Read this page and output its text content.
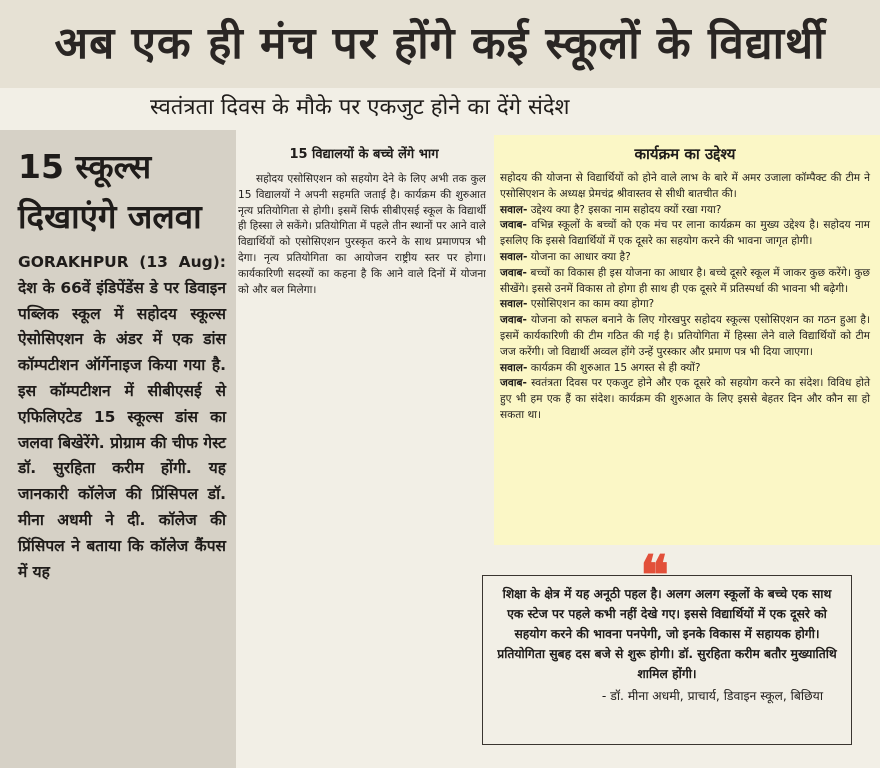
अब एक ही मंच पर होंगे कई स्कूलों के विद्यार्थी
स्वतंत्रता दिवस के मौके पर एकजुट होने का देंगे संदेश
15 स्कूल्स दिखाएंगे जलवा
GORAKHPUR (13 Aug): देश के 66वें इंडिपेंडेंस डे पर डिवाइन पब्लिक स्कूल में सहोदय स्कूल्स ऐसोसिएशन के अंडर में एक डांस कॉम्पटीशन ऑर्गेनाइज किया गया है. इस कॉम्पटीशन में सीबीएसई से एफिलिएटेड 15 स्कूल्स डांस का जलवा बिखेरेंगे. प्रोग्राम की चीफ गेस्ट डॉ. सुरहिता करीम होंगी. यह जानकारी कॉलेज की प्रिंसिपल डॉ. मीना अधमी ने दी. कॉलेज की प्रिंसिपल ने बताया कि कॉलेज कैंपस में यह
15 विद्यालयों के बच्चे लेंगे भाग
सहोदय एसोसिएशन को सहयोग देने के लिए अभी तक कुल 15 विद्यालयों ने अपनी सहमति जताई है। कार्यक्रम की शुरुआत नृत्य प्रतियोगिता से होगी। इसमें सिर्फ सीबीएसई स्कूल के विद्यार्थी ही हिस्सा ले सकेंगे। प्रतियोगिता में पहले तीन स्थानों पर आने वाले विद्यार्थियों को एसोसिएशन पुरस्कृत करने के साथ प्रमाणपत्र भी देगा। नृत्य प्रतियोगिता का आयोजन राष्ट्रीय स्तर पर होगा। कार्यकारिणी सदस्यों का कहना है कि आने वाले दिनों में योजना को और बल मिलेगा।
कार्यक्रम का उद्देश्य

सहोदय की योजना से विद्यार्थियों को होने वाले लाभ के बारे में अमर उजाला कॉम्पैक्ट की टीम ने एसोसिएशन के अध्यक्ष प्रेमचंद्र श्रीवास्तव से सीधी बातचीत की।

सवाल- उद्देश्य क्या है? इसका नाम सहोदय क्यों रखा गया?

जवाब- वभिन्न स्कूलों के बच्चों को एक मंच पर लाना कार्यक्रम का मुख्य उद्देश्य है। सहोदय नाम इसलिए कि इससे विद्यार्थियों में एक दूसरे का सहयोग करने की भावना जागृत होगी।

सवाल- योजना का आधार क्या है?

जवाब- बच्चों का विकास ही इस योजना का आधार है। बच्चे दूसरे स्कूल में जाकर कुछ करेंगे। कुछ सीखेंगे। इससे उनमें विकास तो होगा ही साथ ही एक दूसरे में प्रतिस्पर्धा की भावना भी बढ़ेगी।

सवाल- एसोसिएशन का काम क्या होगा?

जवाब- योजना को सफल बनाने के लिए गोरखपुर सहोदय स्कूल्स एसोसिएशन का गठन हुआ है। इसमें कार्यकारिणी की टीम गठित की गई है। प्रतियोगिता में हिस्सा लेने वाले विद्यार्थियों को टीम जज करेंगी। जो विद्यार्थी अव्वल होंगे उन्हें पुरस्कार और प्रमाण पत्र भी दिया जाएगा।

सवाल- कार्यक्रम की शुरुआत 15 अगस्त से ही क्यों?

जवाब- स्वतंत्रता दिवस पर एकजुट होने और एक दूसरे को सहयोग करने का संदेश। विविध होते हुए भी हम एक हैं का संदेश। कार्यक्रम की शुरुआत के लिए इससे बेहतर दिन और कौन सा हो सकता था।

❝
शिक्षा के क्षेत्र में यह अनूठी पहल है। अलग अलग स्कूलों के बच्चे एक साथ एक स्टेज पर पहले कभी नहीं देखे गए। इससे विद्यार्थियों में एक दूसरे को सहयोग करने की भावना पनपेगी, जो इनके विकास में सहायक होगी। प्रतियोगिता सुबह दस बजे से शुरू होगी। डॉ. सुरहिता करीम बतौर मुख्यातिथि शामिल होंगी।
- डॉ. मीना अधमी, प्राचार्य, डिवाइन स्कूल, बिछिया
